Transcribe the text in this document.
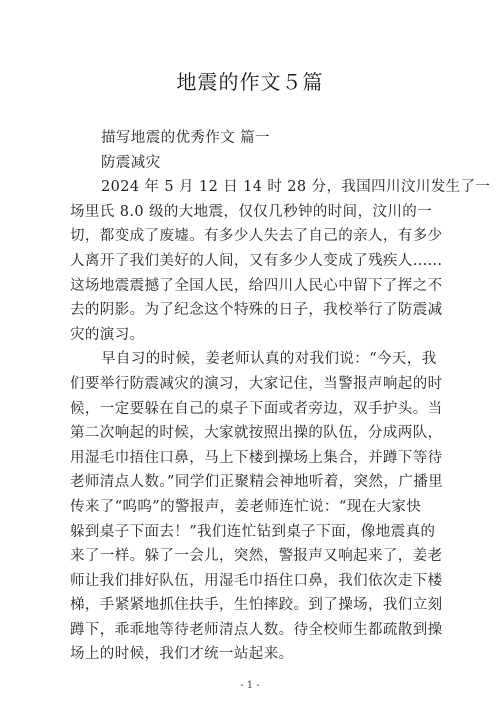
地震的作文５篇
描写地震的优秀作文 篇一
防震减灾
2024 年 5 月 12 日 14 时 28 分，我国四川汶川发生了一
场里氏 8.0 级的大地震，仅仅几秒钟的时间，汶川的一
切，都变成了废墟。有多少人失去了自己的亲人，有多少
人离开了我们美好的人间，又有多少人变成了残疾人……
这场地震震撼了全国人民，给四川人民心中留下了挥之不
去的阴影。为了纪念这个特殊的日子，我校举行了防震减
灾的演习。
早自习的时候，姜老师认真的对我们说：“今天，我
们要举行防震减灾的演习，大家记住，当警报声响起的时
候，一定要躲在自己的桌子下面或者旁边，双手护头。当
第二次响起的时候，大家就按照出操的队伍，分成两队，
用湿毛巾捂住口鼻，马上下楼到操场上集合，并蹲下等待
老师清点人数。”同学们正聚精会神地听着，突然，广播里
传来了“呜呜”的警报声，姜老师连忙说：“现在大家快
躲到桌子下面去！”我们连忙钻到桌子下面，像地震真的
来了一样。躲了一会儿，突然，警报声又响起来了，姜老
师让我们排好队伍，用湿毛巾捂住口鼻，我们依次走下楼
梯，手紧紧地抓住扶手，生怕摔跤。到了操场，我们立刻
蹲下，乖乖地等待老师清点人数。待全校师生都疏散到操
场上的时候，我们才统一站起来。
- 1 -
